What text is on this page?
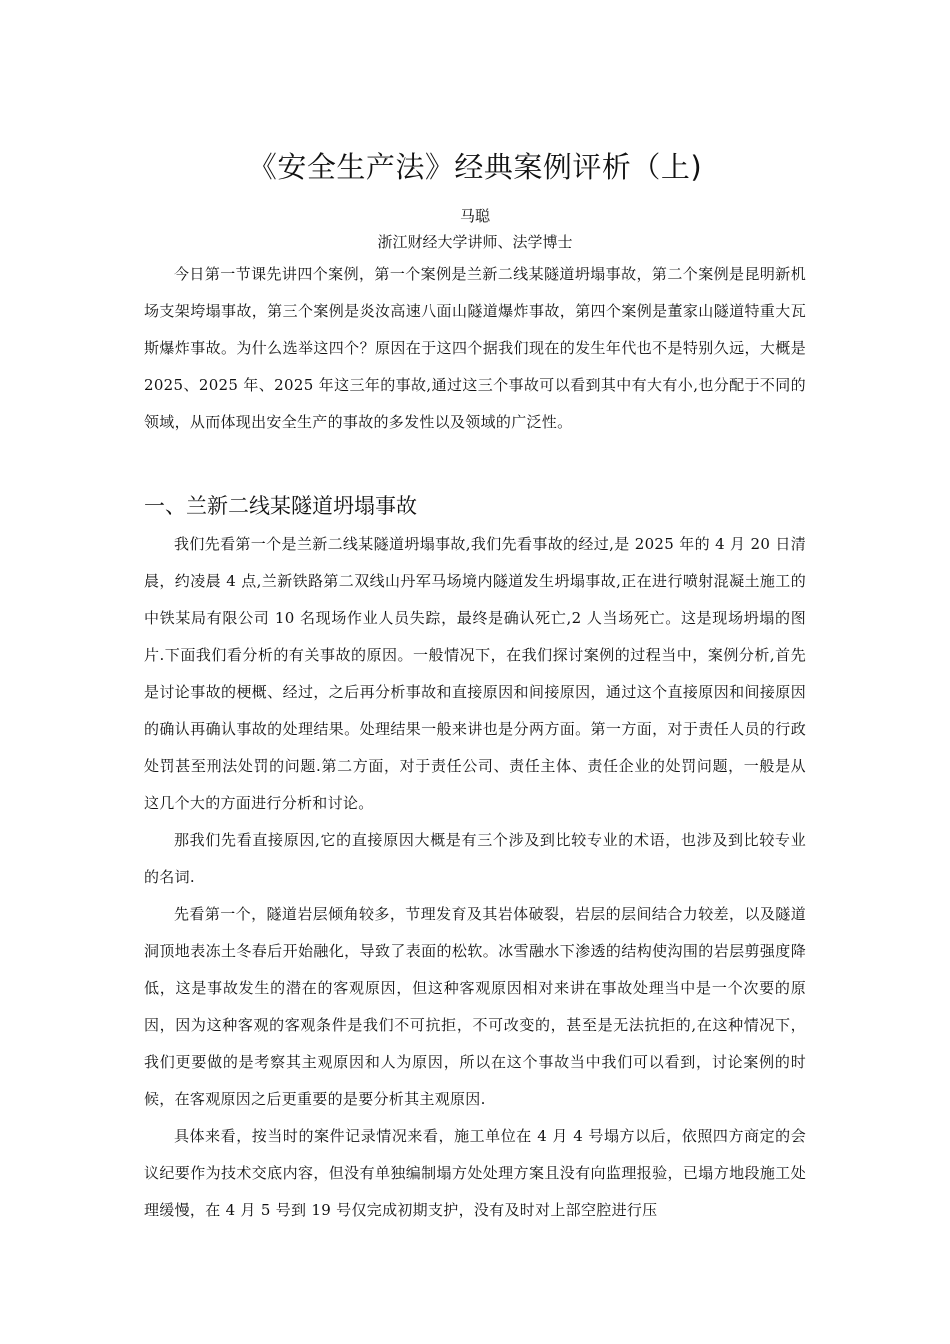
《安全生产法》经典案例评析（上)

马聪

浙江财经大学讲师、法学博士

今日第一节课先讲四个案例，第一个案例是兰新二线某隧道坍塌事故，第二个案例是昆明新机场支架垮塌事故，第三个案例是炎汝高速八面山隧道爆炸事故，第四个案例是董家山隧道特重大瓦斯爆炸事故。为什么选举这四个？原因在于这四个据我们现在的发生年代也不是特别久远，大概是 2025、2025 年、2025 年这三年的事故,通过这三个事故可以看到其中有大有小,也分配于不同的领域，从而体现出安全生产的事故的多发性以及领域的广泛性。

一、兰新二线某隧道坍塌事故

我们先看第一个是兰新二线某隧道坍塌事故,我们先看事故的经过,是 2025 年的 4 月 20 日清晨，约凌晨 4 点,兰新铁路第二双线山丹军马场境内隧道发生坍塌事故,正在进行喷射混凝土施工的中铁某局有限公司 10 名现场作业人员失踪，最终是确认死亡,2 人当场死亡。这是现场坍塌的图片.下面我们看分析的有关事故的原因。一般情况下，在我们探讨案例的过程当中，案例分析,首先是讨论事故的梗概、经过，之后再分析事故和直接原因和间接原因，通过这个直接原因和间接原因的确认再确认事故的处理结果。处理结果一般来讲也是分两方面。第一方面，对于责任人员的行政处罚甚至刑法处罚的问题.第二方面，对于责任公司、责任主体、责任企业的处罚问题，一般是从这几个大的方面进行分析和讨论。

那我们先看直接原因,它的直接原因大概是有三个涉及到比较专业的术语，也涉及到比较专业的名词.

先看第一个，隧道岩层倾角较多，节理发育及其岩体破裂，岩层的层间结合力较差，以及隧道洞顶地表冻土冬春后开始融化，导致了表面的松软。冰雪融水下渗透的结构使沟围的岩层剪强度降低，这是事故发生的潜在的客观原因，但这种客观原因相对来讲在事故处理当中是一个次要的原因，因为这种客观的客观条件是我们不可抗拒，不可改变的，甚至是无法抗拒的,在这种情况下，我们更要做的是考察其主观原因和人为原因，所以在这个事故当中我们可以看到，讨论案例的时候，在客观原因之后更重要的是要分析其主观原因.

具体来看，按当时的案件记录情况来看，施工单位在 4 月 4 号塌方以后，依照四方商定的会议纪要作为技术交底内容，但没有单独编制塌方处处理方案且没有向监理报验，已塌方地段施工处理缓慢，在 4 月 5 号到 19 号仅完成初期支护，没有及时对上部空腔进行压
